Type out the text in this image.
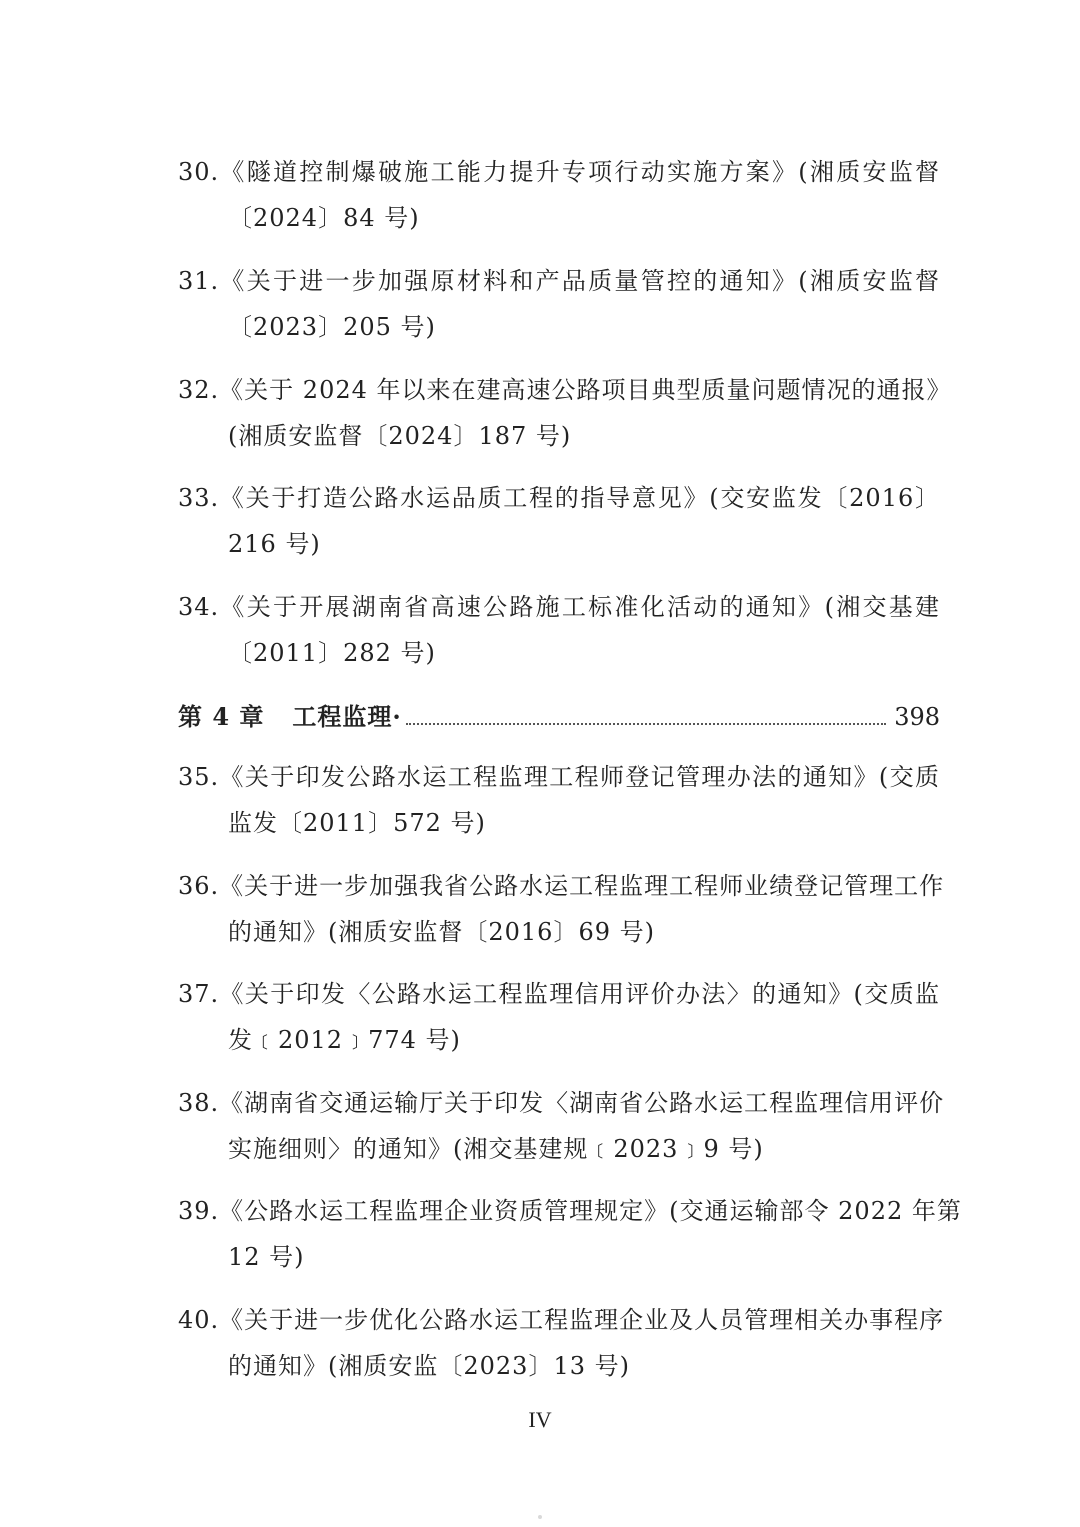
30.《隧道控制爆破施工能力提升专项行动实施方案》(湘质安监督
〔2024〕84 号)
31.《关于进一步加强原材料和产品质量管控的通知》(湘质安监督
〔2023〕205 号)
32.《关于 2024 年以来在建高速公路项目典型质量问题情况的通报》
(湘质安监督〔2024〕187 号)
33.《关于打造公路水运品质工程的指导意见》(交安监发〔2016〕
216 号)
34.《关于开展湖南省高速公路施工标准化活动的通知》(湘交基建
〔2011〕282 号)
第 4 章 工程监理·	398
35.《关于印发公路水运工程监理工程师登记管理办法的通知》(交质
监发〔2011〕572 号)
36.《关于进一步加强我省公路水运工程监理工程师业绩登记管理工作
的通知》(湘质安监督〔2016〕69 号)
37.《关于印发〈公路水运工程监理信用评价办法〉的通知》(交质监
发﹝2012﹞774 号)
38.《湖南省交通运输厅关于印发〈湖南省公路水运工程监理信用评价
实施细则〉的通知》(湘交基建规﹝2023﹞9 号)
39.《公路水运工程监理企业资质管理规定》(交通运输部令 2022 年第
12 号)
40.《关于进一步优化公路水运工程监理企业及人员管理相关办事程序
的通知》(湘质安监〔2023〕13 号)
IV
